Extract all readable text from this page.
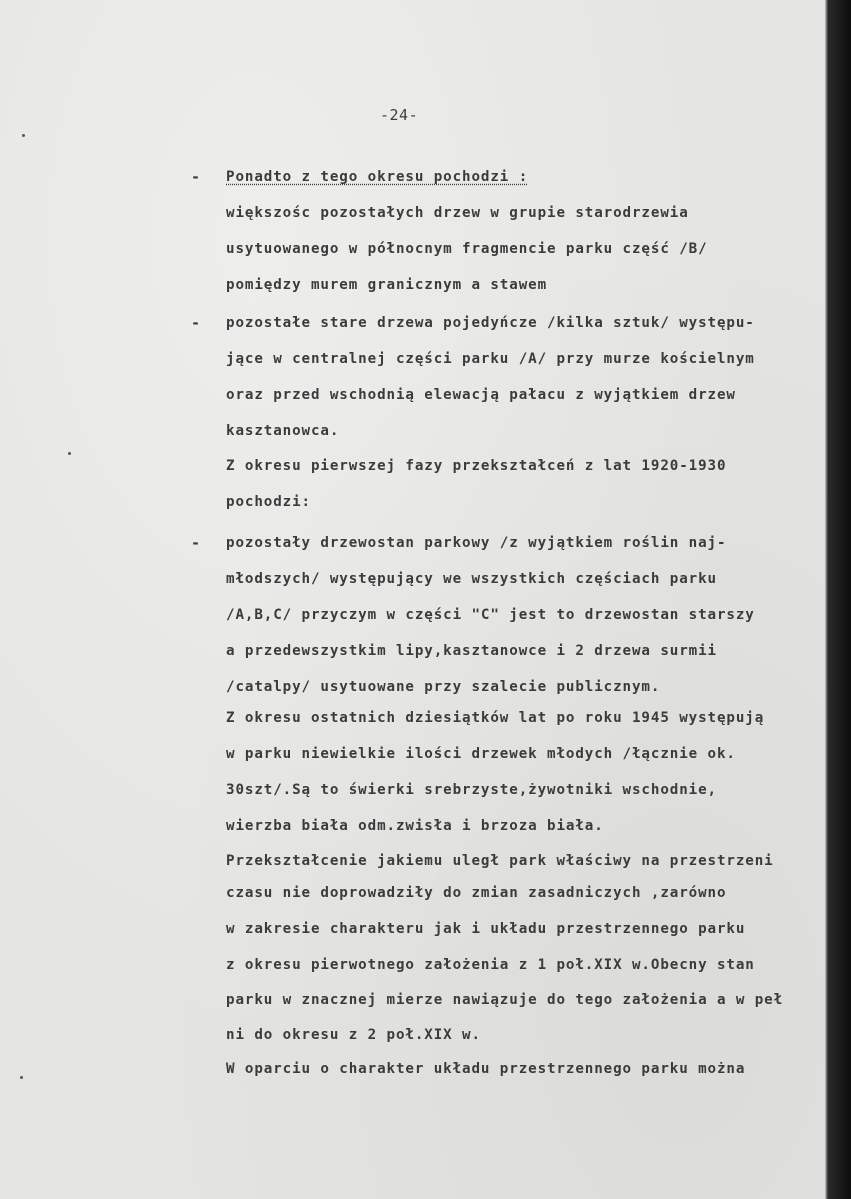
-24-
-
-
-
Ponadto z tego okresu pochodzi :
większośc pozostałych drzew w grupie starodrzewia
usytuowanego w północnym fragmencie parku część /B/
pomiędzy murem granicznym a stawem
pozostałe stare drzewa pojedyńcze /kilka sztuk/ występu-
jące w centralnej części parku /A/ przy murze kościelnym
oraz przed wschodnią elewacją pałacu z wyjątkiem drzew
kasztanowca.
Z okresu pierwszej fazy przekształceń z lat 1920-1930
pochodzi:
pozostały drzewostan parkowy /z wyjątkiem roślin naj-
młodszych/ występujący we wszystkich częściach parku
/A,B,C/ przyczym w części "C" jest to drzewostan starszy
a przedewszystkim lipy,kasztanowce i 2 drzewa surmii
/catalpy/ usytuowane przy szalecie publicznym.
Z okresu ostatnich dziesiątków lat po roku 1945 występują
w parku niewielkie ilości drzewek młodych /łącznie ok.
30szt/.Są to świerki srebrzyste,żywotniki wschodnie,
wierzba biała odm.zwisła i brzoza biała.
Przekształcenie jakiemu uległ park właściwy na przestrzeni
czasu nie doprowadziły do zmian zasadniczych ,zarówno
w zakresie charakteru jak i układu przestrzennego parku
z okresu pierwotnego założenia z 1 poł.XIX w.Obecny stan
parku w znacznej mierze nawiązuje do tego założenia a w peł
ni do okresu z 2 poł.XIX w.
W oparciu o charakter układu przestrzennego parku można
